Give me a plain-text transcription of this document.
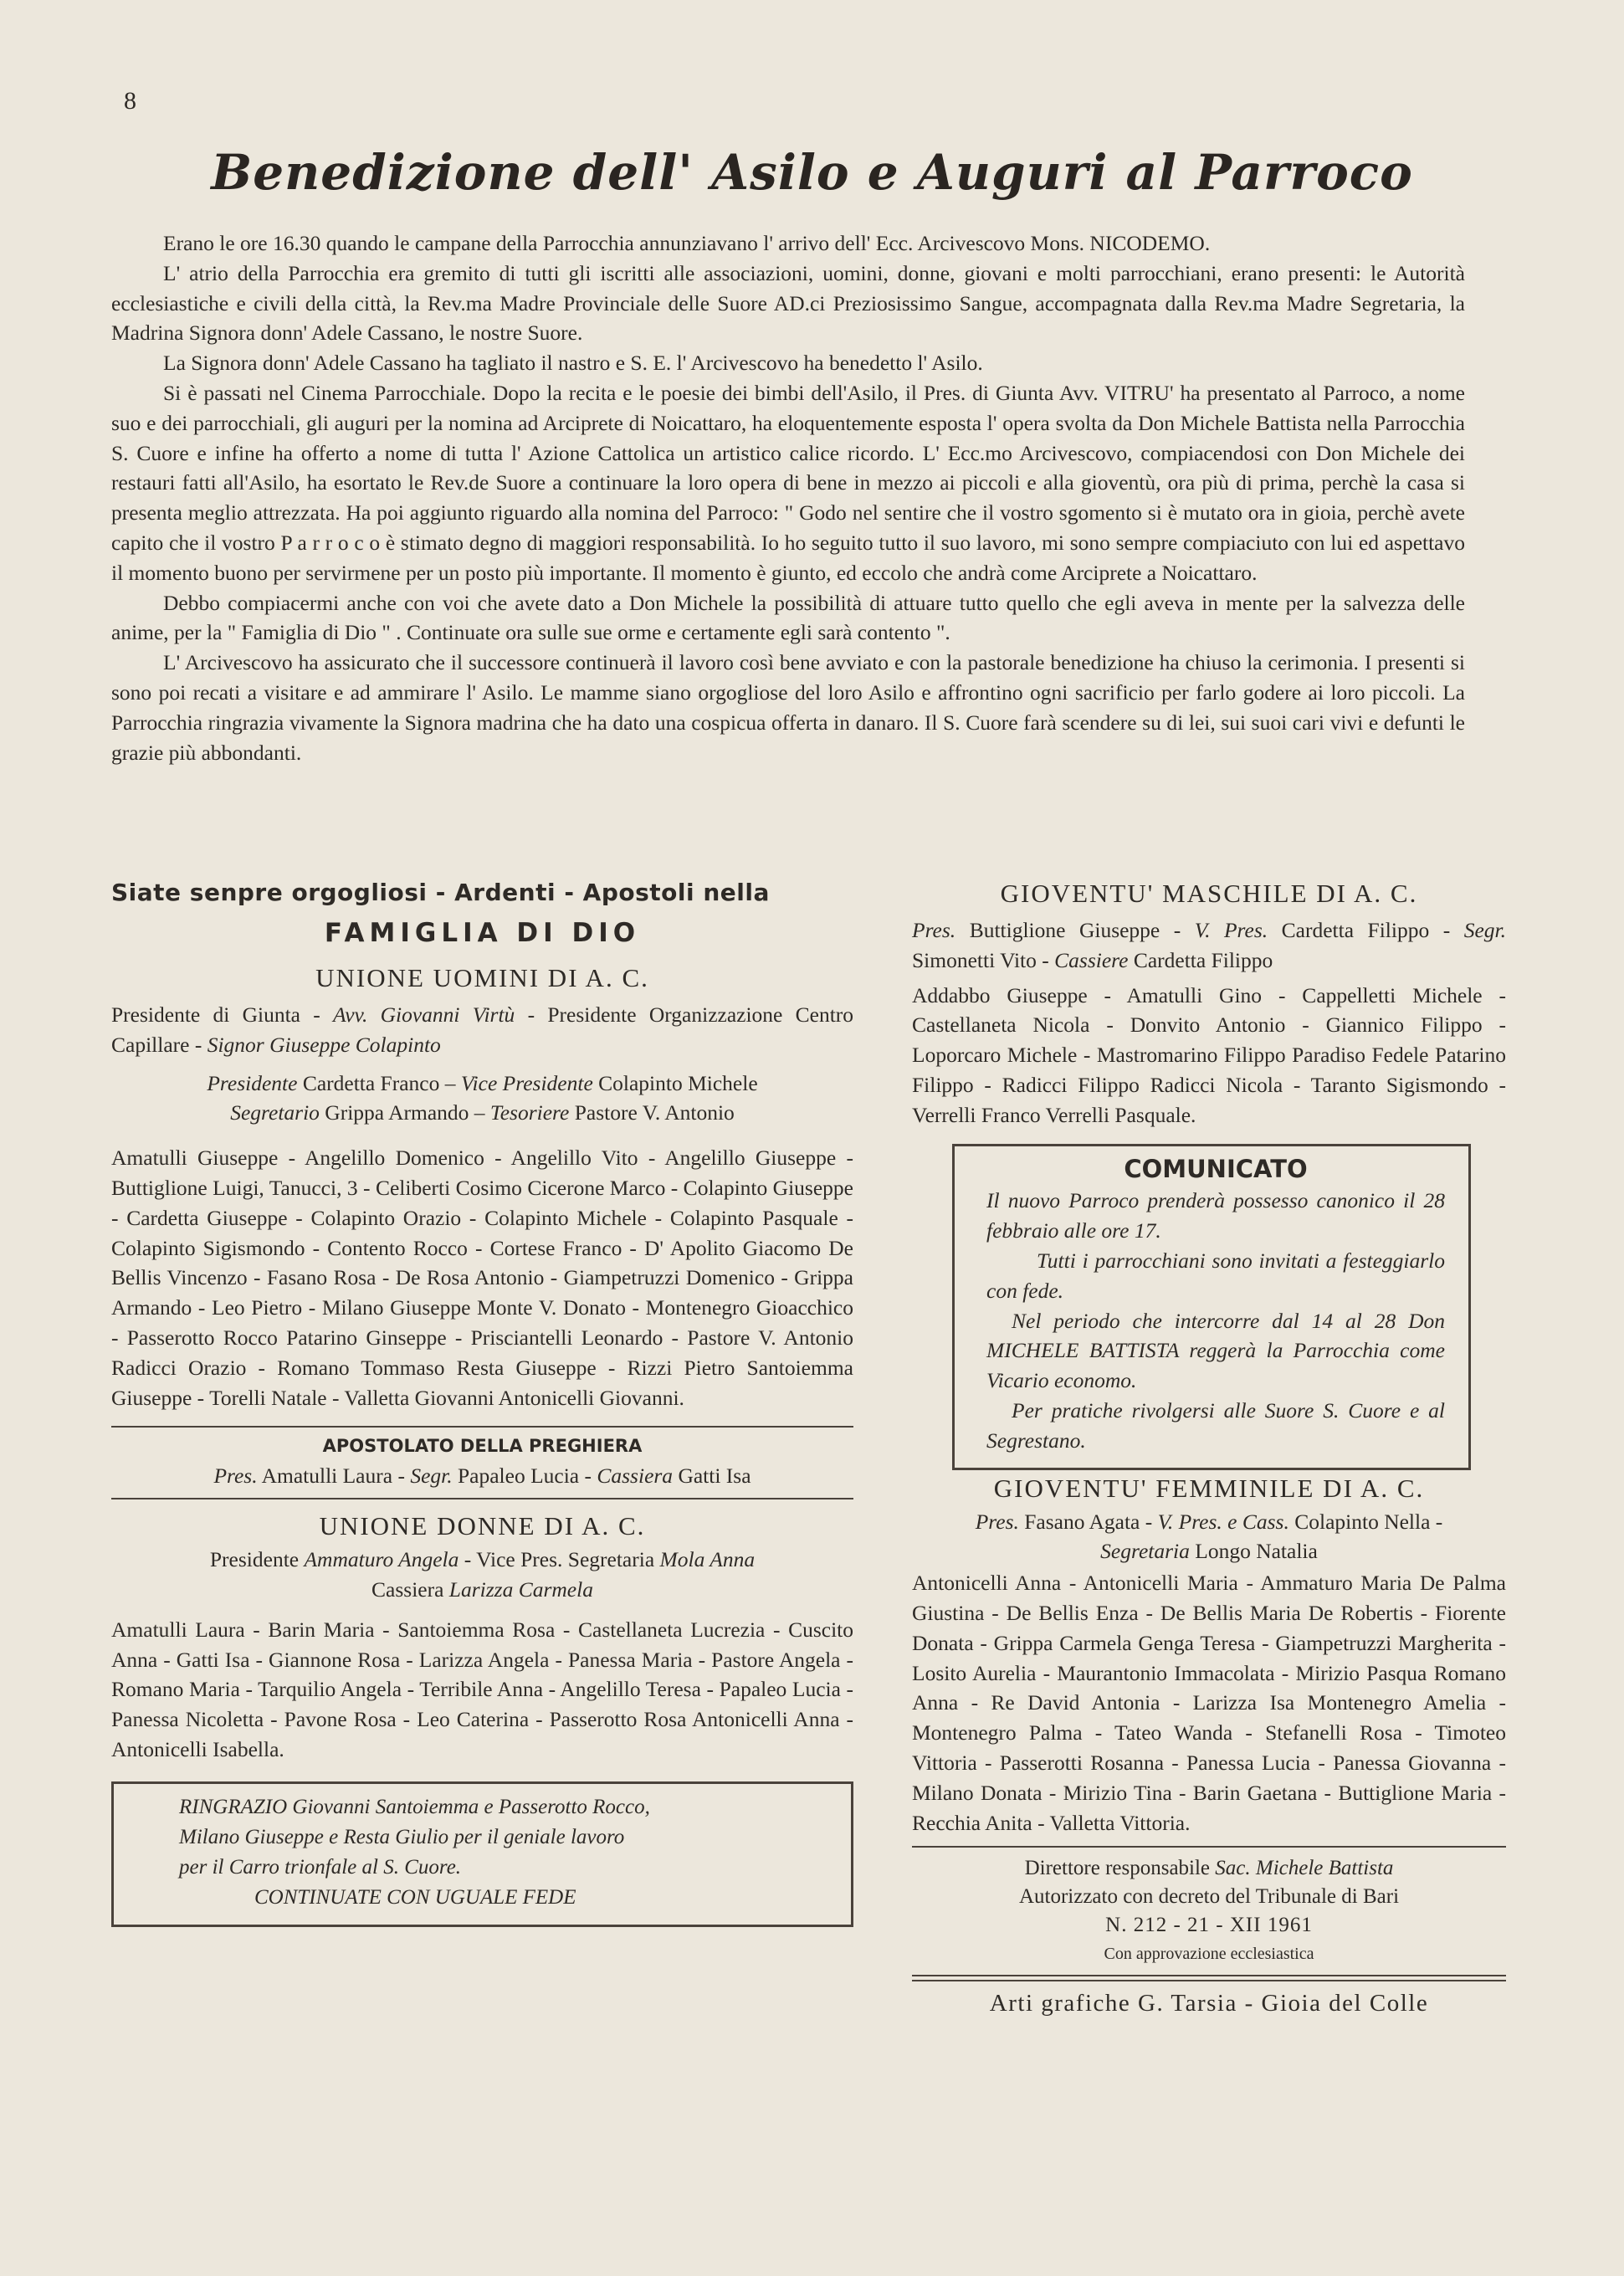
8
Benedizione dell' Asilo e Auguri al Parroco

Erano le ore 16.30 quando le campane della Parrocchia annunziavano l' arrivo dell' Ecc. Arcivescovo Mons. NICODEMO.

L' atrio della Parrocchia era gremito di tutti gli iscritti alle associazioni, uomini, donne, giovani e molti parrocchiani, erano presenti: le Autorità ecclesiastiche e civili della città, la Rev.ma Madre Provinciale delle Suore AD.ci Preziosissimo Sangue, accompagnata dalla Rev.ma Madre Segretaria, la Madrina Signora donn' Adele Cassano, le nostre Suore.

La Signora donn' Adele Cassano ha tagliato il nastro e S. E. l' Arcivescovo ha benedetto l' Asilo.

Si è passati nel Cinema Parrocchiale. Dopo la recita e le poesie dei bimbi dell'Asilo, il Pres. di Giunta Avv. VITRU' ha presentato al Parroco, a nome suo e dei parrocchiali, gli auguri per la nomina ad Arciprete di Noicattaro, ha eloquentemente esposta l' opera svolta da Don Michele Battista nella Parrocchia S. Cuore e infine ha offerto a nome di tutta l' Azione Cattolica un artistico calice ricordo. L' Ecc.mo Arcivescovo, compiacendosi con Don Michele dei restauri fatti all'Asilo, ha esortato le Rev.de Suore a continuare la loro opera di bene in mezzo ai piccoli e alla gioventù, ora più di prima, perchè la casa si presenta meglio attrezzata. Ha poi aggiunto riguardo alla nomina del Parroco: " Godo nel sentire che il vostro sgomento si è mutato ora in gioia, perchè avete capito che il vostro P a r r o c o è stimato degno di maggiori responsabilità. Io ho seguito tutto il suo lavoro, mi sono sempre compiaciuto con lui ed aspettavo il momento buono per servirmene per un posto più importante. Il momento è giunto, ed eccolo che andrà come Arciprete a Noicattaro.

Debbo compiacermi anche con voi che avete dato a Don Michele la possibilità di attuare tutto quello che egli aveva in mente per la salvezza delle anime, per la " Famiglia di Dio " . Continuate ora sulle sue orme e certamente egli sarà contento ".

L' Arcivescovo ha assicurato che il successore continuerà il lavoro così bene avviato e con la pastorale benedizione ha chiuso la cerimonia. I presenti si sono poi recati a visitare e ad ammirare l' Asilo. Le mamme siano orgogliose del loro Asilo e affrontino ogni sacrificio per farlo godere ai loro piccoli. La Parrocchia ringrazia vivamente la Signora madrina che ha dato una cospicua offerta in danaro. Il S. Cuore farà scendere su di lei, sui suoi cari vivi e defunti le grazie più abbondanti.

Siate senpre orgogliosi - Ardenti - Apostoli nella
FAMIGLIA DI DIO
UNIONE UOMINI DI A. C.

Presidente di Giunta - Avv. Giovanni Virtù - Presidente Organizzazione Centro Capillare - Signor Giuseppe Colapinto

Presidente Cardetta Franco – Vice Presidente Colapinto Michele
Segretario Grippa Armando – Tesoriere Pastore V. Antonio

Amatulli Giuseppe - Angelillo Domenico - Angelillo Vito - Angelillo Giuseppe - Buttiglione Luigi, Tanucci, 3 - Celiberti Cosimo Cicerone Marco - Colapinto Giuseppe - Cardetta Giuseppe - Colapinto Orazio - Colapinto Michele - Colapinto Pasquale - Colapinto Sigismondo - Contento Rocco - Cortese Franco - D' Apolito Giacomo De Bellis Vincenzo - Fasano Rosa - De Rosa Antonio - Giampetruzzi Domenico - Grippa Armando - Leo Pietro - Milano Giuseppe Monte V. Donato - Montenegro Gioacchico - Passerotto Rocco Patarino Ginseppe - Prisciantelli Leonardo - Pastore V. Antonio Radicci Orazio - Romano Tommaso Resta Giuseppe - Rizzi Pietro Santoiemma Giuseppe - Torelli Natale - Valletta Giovanni Antonicelli Giovanni.

APOSTOLATO DELLA PREGHIERA

Pres. Amatulli Laura - Segr. Papaleo Lucia - Cassiera Gatti Isa

UNIONE DONNE DI A. C.

Presidente Ammaturo Angela - Vice Pres. Segretaria Mola Anna
Cassiera Larizza Carmela

Amatulli Laura - Barin Maria - Santoiemma Rosa - Castellaneta Lucrezia - Cuscito Anna - Gatti Isa - Giannone Rosa - Larizza Angela - Panessa Maria - Pastore Angela - Romano Maria - Tarquilio Angela - Terribile Anna - Angelillo Teresa - Papaleo Lucia - Panessa Nicoletta - Pavone Rosa - Leo Caterina - Passerotto Rosa Antonicelli Anna - Antonicelli Isabella.

RINGRAZIO Giovanni Santoiemma e Passerotto Rocco,
Milano Giuseppe e Resta Giulio per il geniale lavoro
per il Carro trionfale al S. Cuore.
CONTINUATE CON UGUALE FEDE
GIOVENTU' MASCHILE DI A. C.

Pres. Buttiglione Giuseppe - V. Pres. Cardetta Filippo - Segr. Simonetti Vito - Cassiere Cardetta Filippo

Addabbo Giuseppe - Amatulli Gino - Cappelletti Michele - Castellaneta Nicola - Donvito Antonio - Giannico Filippo - Loporcaro Michele - Mastromarino Filippo Paradiso Fedele Patarino Filippo - Radicci Filippo Radicci Nicola - Taranto Sigismondo - Verrelli Franco Verrelli Pasquale.

COMUNICATO

Il nuovo Parroco prenderà possesso canonico il 28 febbraio alle ore 17.

Tutti i parrocchiani sono invitati a festeggiarlo con fede.

Nel periodo che intercorre dal 14 al 28 Don MICHELE BATTISTA reggerà la Parrocchia come Vicario economo.

Per pratiche rivolgersi alle Suore S. Cuore e al Segrestano.

GIOVENTU' FEMMINILE DI A. C.

Pres. Fasano Agata - V. Pres. e Cass. Colapinto Nella -
Segretaria Longo Natalia

Antonicelli Anna - Antonicelli Maria - Ammaturo Maria De Palma Giustina - De Bellis Enza - De Bellis Maria De Robertis - Fiorente Donata - Grippa Carmela Genga Teresa - Giampetruzzi Margherita - Losito Aurelia - Maurantonio Immacolata - Mirizio Pasqua Romano Anna - Re David Antonia - Larizza Isa Montenegro Amelia - Montenegro Palma - Tateo Wanda - Stefanelli Rosa - Timoteo Vittoria - Passerotti Rosanna - Panessa Lucia - Panessa Giovanna - Milano Donata - Mirizio Tina - Barin Gaetana - Buttiglione Maria - Recchia Anita - Valletta Vittoria.

Direttore responsabile Sac. Michele Battista
Autorizzato con decreto del Tribunale di Bari
N. 212 - 21 - XII 1961
Con approvazione ecclesiastica
Arti grafiche G. Tarsia - Gioia del Colle
